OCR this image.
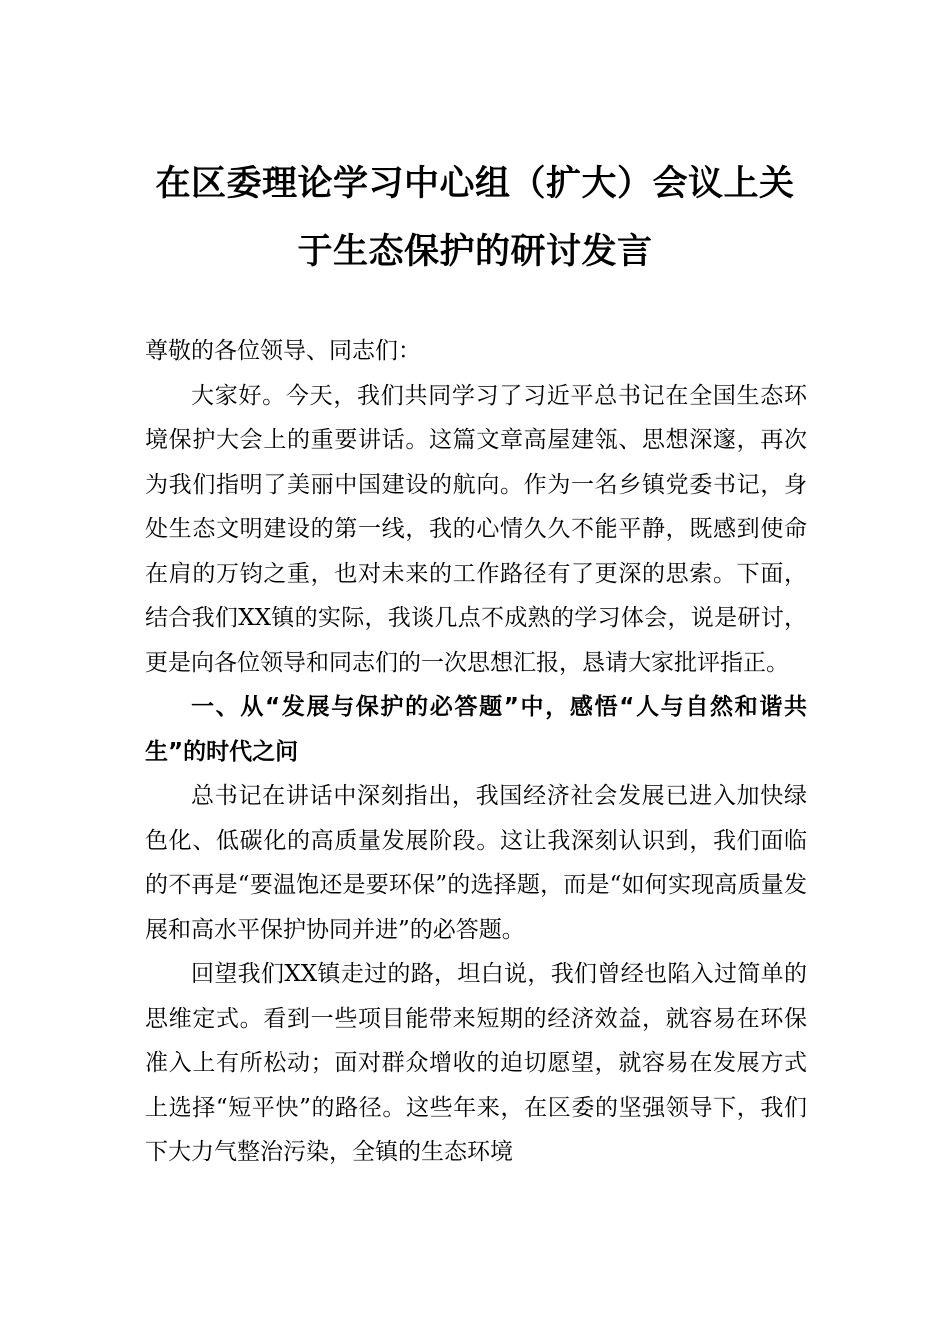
在区委理论学习中心组（扩大）会议上关
于生态保护的研讨发言

尊敬的各位领导、同志们：

大家好。今天，我们共同学习了习近平总书记在全国生态环境保护大会上的重要讲话。这篇文章高屋建瓴、思想深邃，再次为我们指明了美丽中国建设的航向。作为一名乡镇党委书记，身处生态文明建设的第一线，我的心情久久不能平静，既感到使命在肩的万钧之重，也对未来的工作路径有了更深的思索。下面，结合我们XX镇的实际，我谈几点不成熟的学习体会，说是研讨，更是向各位领导和同志们的一次思想汇报，恳请大家批评指正。

一、从“发展与保护的必答题”中，感悟“人与自然和谐共生”的时代之问

总书记在讲话中深刻指出，我国经济社会发展已进入加快绿色化、低碳化的高质量发展阶段。这让我深刻认识到，我们面临的不再是“要温饱还是要环保”的选择题，而是“如何实现高质量发展和高水平保护协同并进”的必答题。

回望我们XX镇走过的路，坦白说，我们曾经也陷入过简单的思维定式。看到一些项目能带来短期的经济效益，就容易在环保准入上有所松动；面对群众增收的迫切愿望，就容易在发展方式上选择“短平快”的路径。这些年来，在区委的坚强领导下，我们下大力气整治污染，全镇的生态环境
